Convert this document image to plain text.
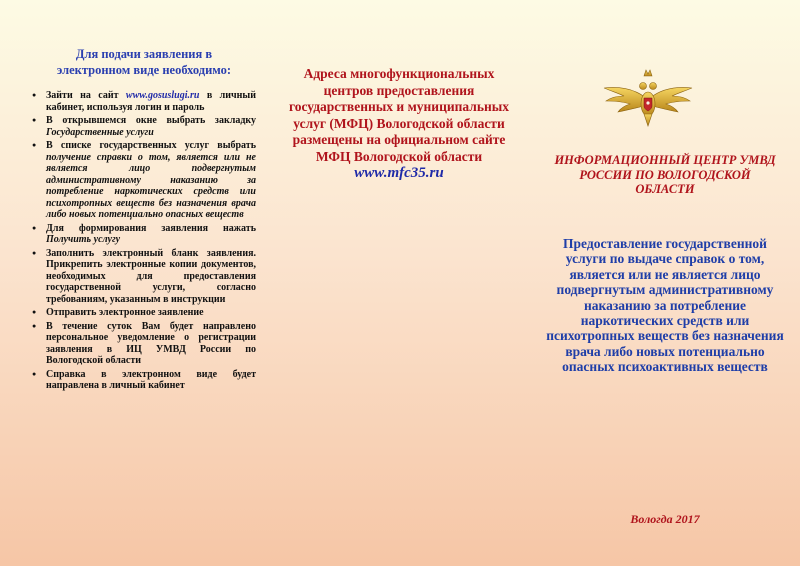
Для подачи заявления в
электронном виде необходимо:
● Зайти на сайт www.gosuslugi.ru в личный кабинет, используя логин и пароль
● В открывшемся окне выбрать закладку Государственные услуги
● В списке государственных услуг выбрать получение справки о том, является или не является лицо подвергнутым административному наказанию за потребление наркотических средств или психотропных веществ без назначения врача либо новых потенциально опасных веществ
● Для формирования заявления нажать Получить услугу
● Заполнить электронный бланк заявления. Прикрепить электронные копии документов, необходимых для предоставления государственной услуги, согласно требованиям, указанным в инструкции
● Отправить электронное заявление
● В течение суток Вам будет направлено персональное уведомление о регистрации заявления в ИЦ УМВД России по Вологодской области
● Справка в электронном виде будет направлена в личный кабинет

Адреса многофункциональных центров предоставления государственных и муниципальных услуг (МФЦ) Вологодской области размещены на официальном сайте МФЦ Вологодской области www.mfc35.ru

ИНФОРМАЦИОННЫЙ ЦЕНТР УМВД РОССИИ ПО ВОЛОГОДСКОЙ ОБЛАСТИ
Предоставление государственной услуги по выдаче справок о том, является или не является лицо подвергнутым административному наказанию за потребление наркотических средств или психотропных веществ без назначения врача либо новых потенциально опасных психоактивных веществ
Вологда 2017
